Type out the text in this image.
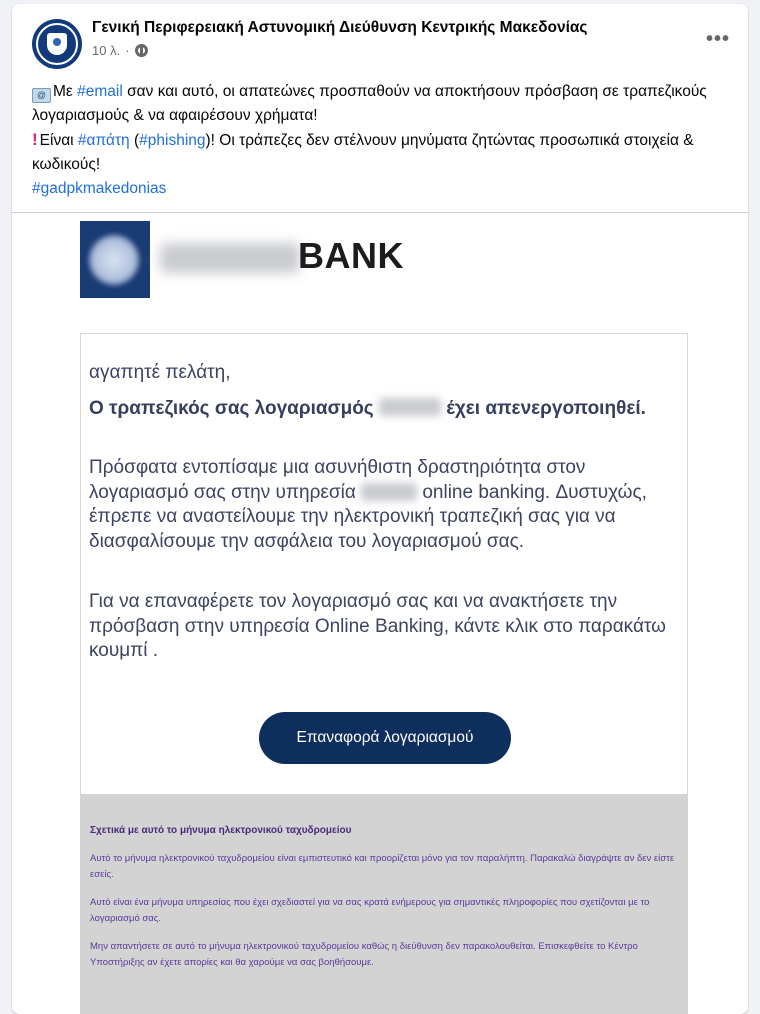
Γενική Περιφερειακή Αστυνομική Διεύθυνση Κεντρικής Μακεδονίας
10 λ. ·
•••
@ Με #email σαν και αυτό, οι απατεώνες προσπαθούν να αποκτήσουν πρόσβαση σε τραπεζικούς λογαριασμούς & να αφαιρέσουν χρήματα!
! Είναι #απάτη (#phishing)! Οι τράπεζες δεν στέλνουν μηνύματα ζητώντας προσωπικά στοιχεία & κωδικούς!
#gadpkmakedonias
BANK
αγαπητέ πελάτη,
Ο τραπεζικός σας λογαριασμός	έχει απενεργοποιηθεί.
Πρόσφατα εντοπίσαμε μια ασυνήθιστη δραστηριότητα στον λογαριασμό σας στην υπηρεσία	online banking. Δυστυχώς, έπρεπε να αναστείλουμε την ηλεκτρονική τραπεζική σας για να διασφαλίσουμε την ασφάλεια του λογαριασμού σας.
Για να επαναφέρετε τον λογαριασμό σας και να ανακτήσετε την πρόσβαση στην υπηρεσία Online Banking, κάντε κλικ στο παρακάτω κουμπί .
Επαναφορά λογαριασμού
Σχετικά με αυτό το μήνυμα ηλεκτρονικού ταχυδρομείου
Αυτό το μήνυμα ηλεκτρονικού ταχυδρομείου είναι εμπιστευτικό και προορίζεται μόνο για τον παραλήπτη. Παρακαλώ διαγράψτε αν δεν είστε εσείς.
Αυτό είναι ένα μήνυμα υπηρεσίας που έχει σχεδιαστεί για να σας κρατά ενήμερους για σημαντικές πληροφορίες που σχετίζονται με το λογαριασμό σας.
Μην απαντήσετε σε αυτό το μήνυμα ηλεκτρονικού ταχυδρομείου καθώς η διεύθυνση δεν παρακολουθείται. Επισκεφθείτε το Κέντρο Υποστήριξης αν έχετε απορίες και θα χαρούμε να σας βοηθήσουμε.
